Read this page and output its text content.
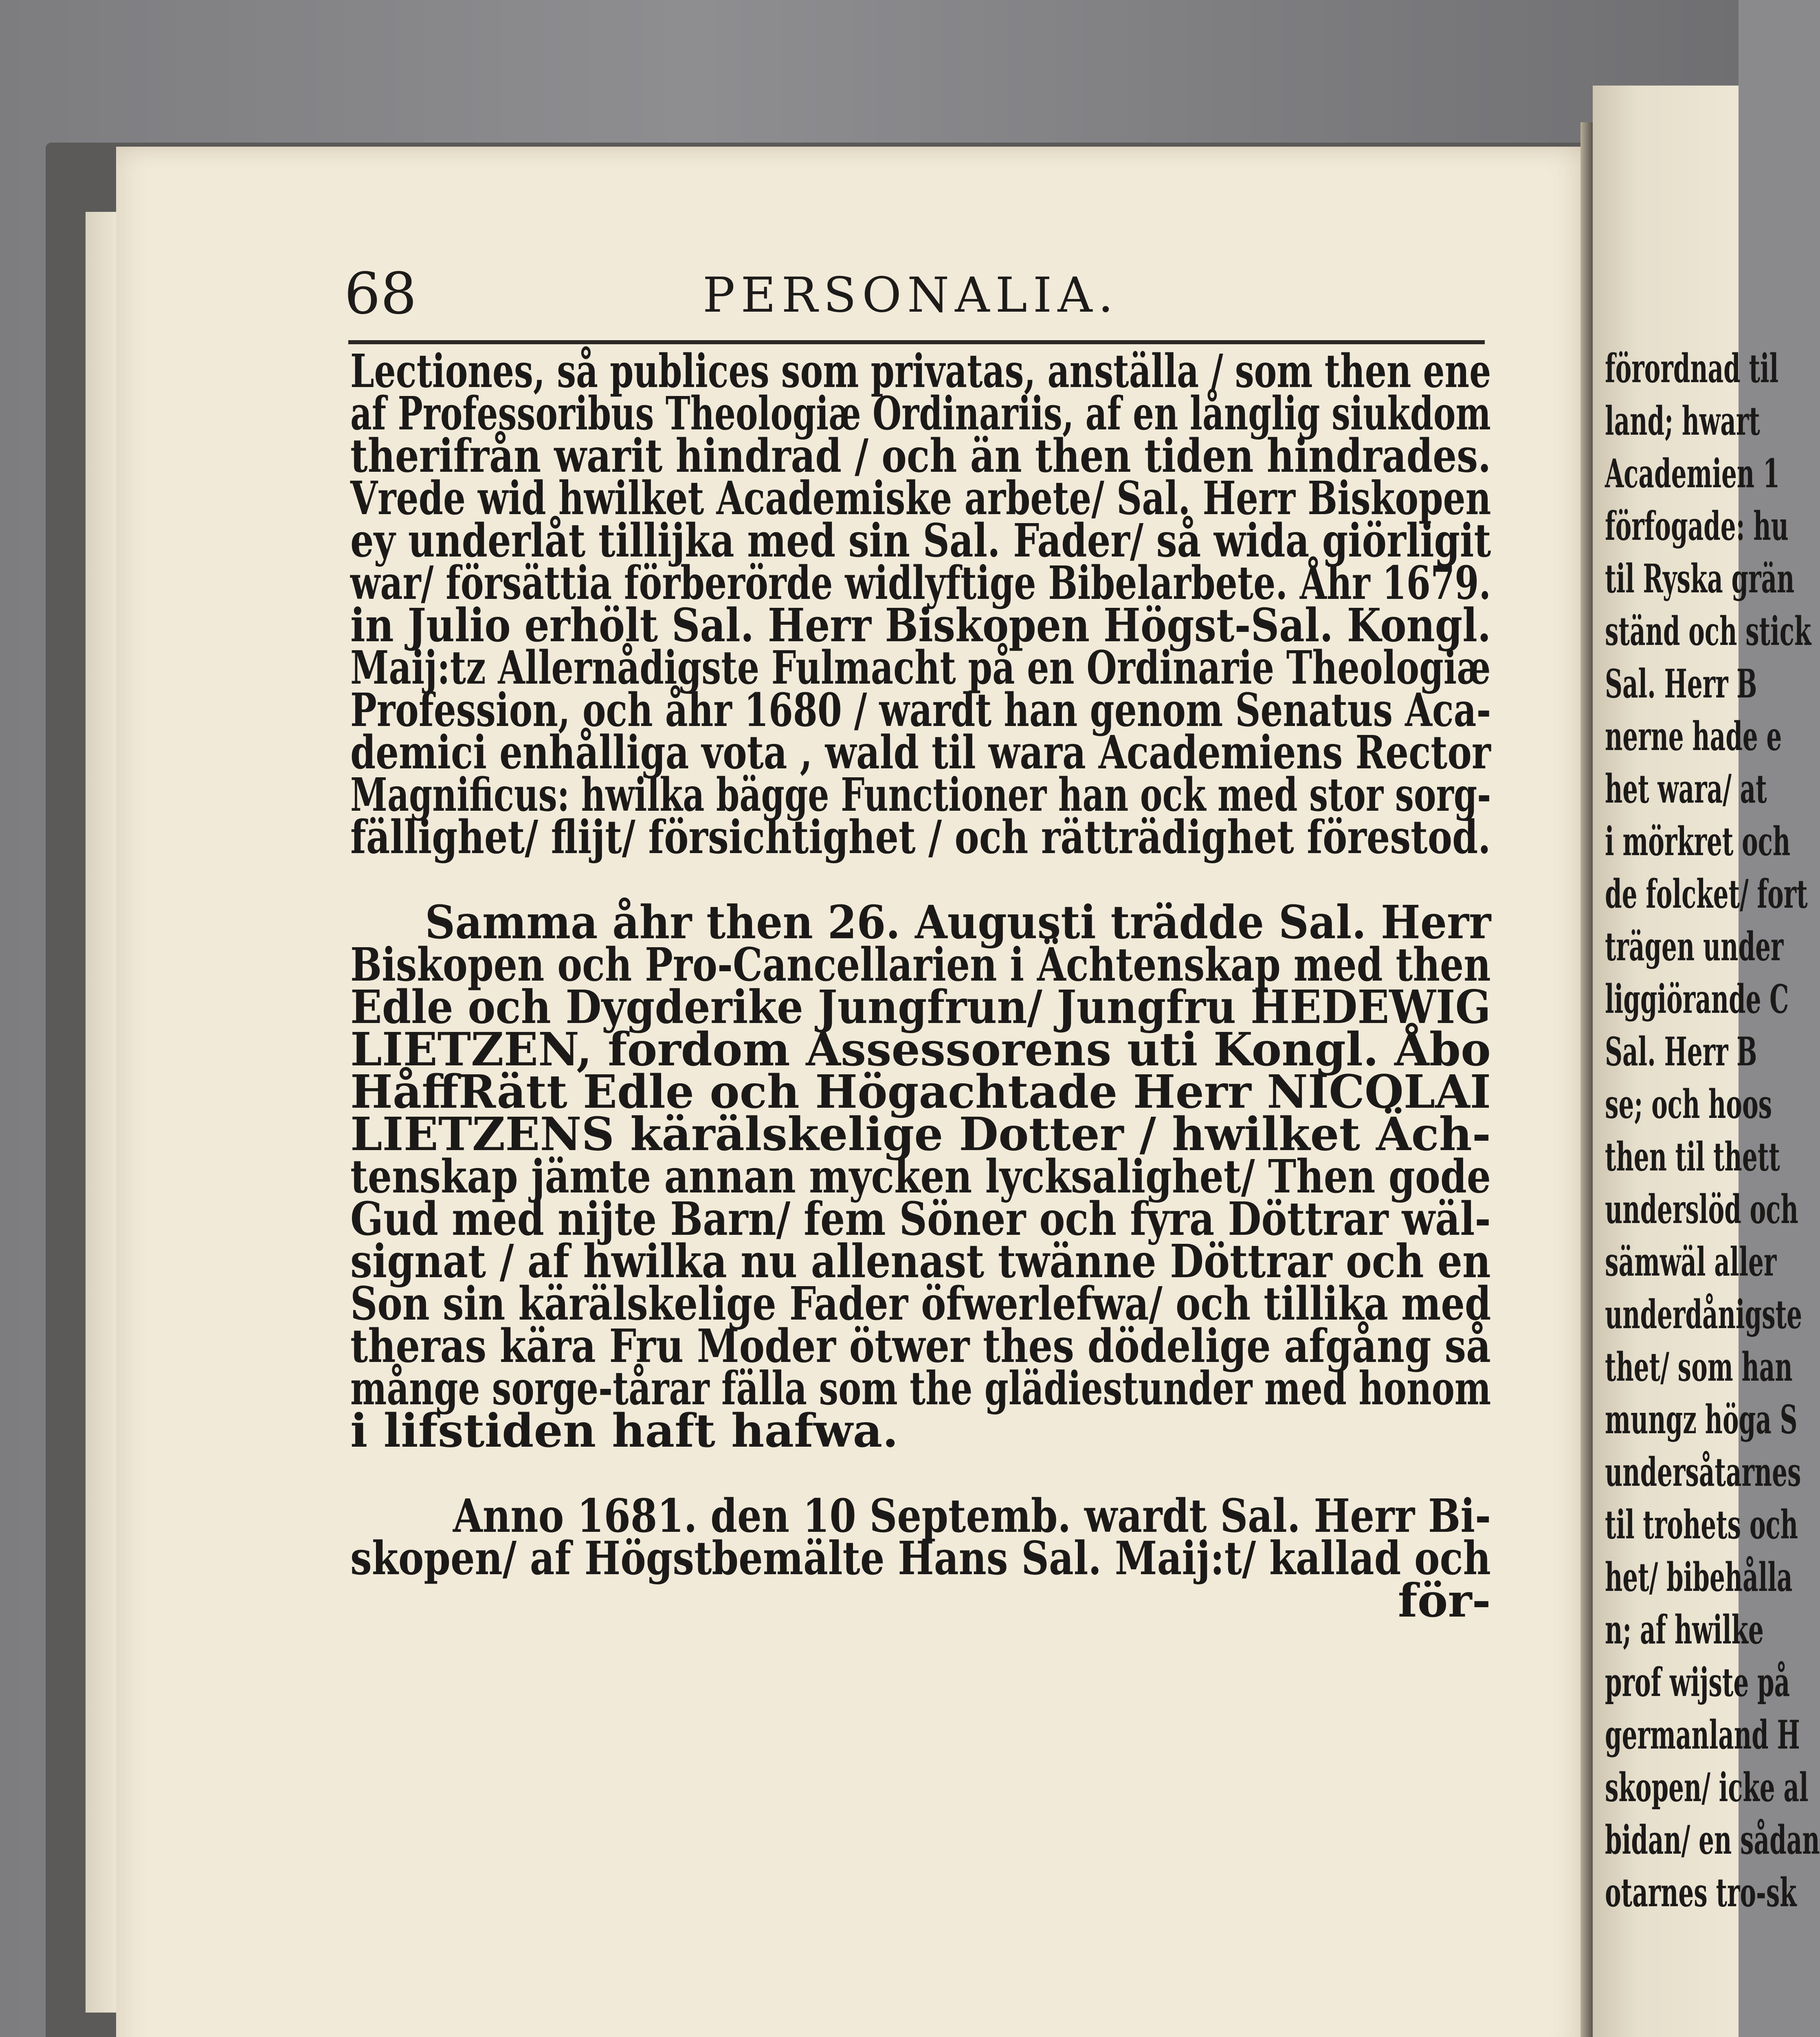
68	PERSONALIA.
Lectiones, så publices som privatas, anställa / som then ene
af Professoribus Theologiæ Ordinariis, af en långlig siukdom
therifrån warit hindrad / och än then tiden hindrades.
Vrede wid hwilket Academiske arbete/ Sal. Herr Biskopen
ey underlåt tillijka med sin Sal. Fader/ så wida giörligit
war/ försättia förberörde widlyftige Bibelarbete. Åhr 1679.
in Julio erhölt Sal. Herr Biskopen Högst-Sal. Kongl.
Maij:tz Allernådigste Fulmacht på en Ordinarie Theologiæ
Profession, och åhr 1680 / wardt han genom Senatus Aca-
demici enhålliga vota , wald til wara Academiens Rector
Magnificus: hwilka bägge Functioner han ock med stor sorg-
fällighet/ flijt/ försichtighet / och rätträdighet förestod.
Samma åhr then 26. Augusti trädde Sal. Herr
Biskopen och Pro-Cancellarien i Ächtenskap med then
Edle och Dygderike Jungfrun/ Jungfru HEDEWIG
LIETZEN, fordom Assessorens uti Kongl. Åbo
HåffRätt Edle och Högachtade Herr NICOLAI
LIETZENS kärälskelige Dotter / hwilket Äch-
tenskap jämte annan mycken lycksalighet/ Then gode
Gud med nijte Barn/ fem Söner och fyra Döttrar wäl-
signat / af hwilka nu allenast twänne Döttrar och en
Son sin kärälskelige Fader öfwerlefwa/ och tillika med
theras kära Fru Moder ötwer thes dödelige afgång så
månge sorge-tårar fälla som the glädiestunder med honom
i lifstiden haft hafwa.
Anno 1681. den 10 Septemb. wardt Sal. Herr Bi-
skopen/ af Högstbemälte Hans Sal. Maij:t/ kallad och
för-
förordnad til
land; hwart
Academien 1
förfogade: hu
til Ryska grän
ständ och stick
Sal. Herr B
nerne hade e
het wara/ at
i mörkret och
de folcket/ fort
trägen under
liggiörande C
Sal. Herr B
se; och hoos
then til thett
underslöd och
sämwäl aller
underdånigste
thet/ som han
mungz höga S
undersåtarnes
til trohets och
het/ bibehålla
n; af hwilke
prof wijste på
germanland H
skopen/ icke al
bidan/ en sådan
otarnes tro-sk
